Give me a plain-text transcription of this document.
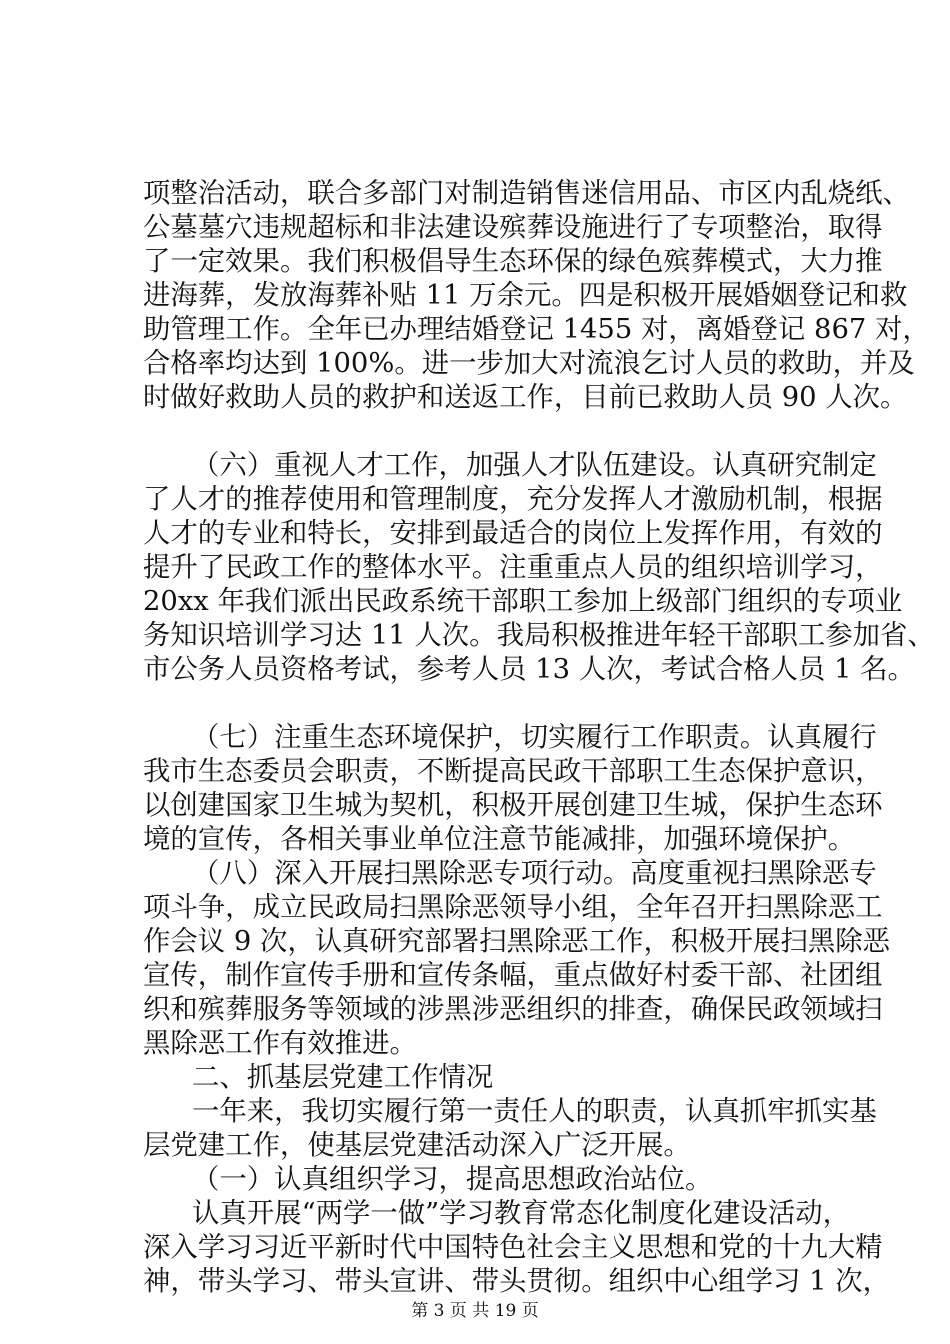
项整治活动，联合多部门对制造销售迷信用品、市区内乱烧纸、
公墓墓穴违规超标和非法建设殡葬设施进行了专项整治，取得
了一定效果。我们积极倡导生态环保的绿色殡葬模式，大力推
进海葬，发放海葬补贴 11 万余元。四是积极开展婚姻登记和救
助管理工作。全年已办理结婚登记 1455 对，离婚登记 867 对，
合格率均达到 100%。进一步加大对流浪乞讨人员的救助，并及
时做好救助人员的救护和送返工作，目前已救助人员 90 人次。
（六）重视人才工作，加强人才队伍建设。认真研究制定
了人才的推荐使用和管理制度，充分发挥人才激励机制，根据
人才的专业和特长，安排到最适合的岗位上发挥作用，有效的
提升了民政工作的整体水平。注重重点人员的组织培训学习，
20xx 年我们派出民政系统干部职工参加上级部门组织的专项业
务知识培训学习达 11 人次。我局积极推进年轻干部职工参加省、
市公务人员资格考试，参考人员 13 人次，考试合格人员 1 名。
（七）注重生态环境保护，切实履行工作职责。认真履行
我市生态委员会职责，不断提高民政干部职工生态保护意识，
以创建国家卫生城为契机，积极开展创建卫生城，保护生态环
境的宣传，各相关事业单位注意节能减排，加强环境保护。
（八）深入开展扫黑除恶专项行动。高度重视扫黑除恶专
项斗争，成立民政局扫黑除恶领导小组，全年召开扫黑除恶工
作会议 9 次，认真研究部署扫黑除恶工作，积极开展扫黑除恶
宣传，制作宣传手册和宣传条幅，重点做好村委干部、社团组
织和殡葬服务等领域的涉黑涉恶组织的排查，确保民政领域扫
黑除恶工作有效推进。
二、抓基层党建工作情况
一年来，我切实履行第一责任人的职责，认真抓牢抓实基
层党建工作，使基层党建活动深入广泛开展。
（一）认真组织学习，提高思想政治站位。
认真开展“两学一做”学习教育常态化制度化建设活动，
深入学习习近平新时代中国特色社会主义思想和党的十九大精
神，带头学习、带头宣讲、带头贯彻。组织中心组学习 1 次，
第 3 页 共 19 页
